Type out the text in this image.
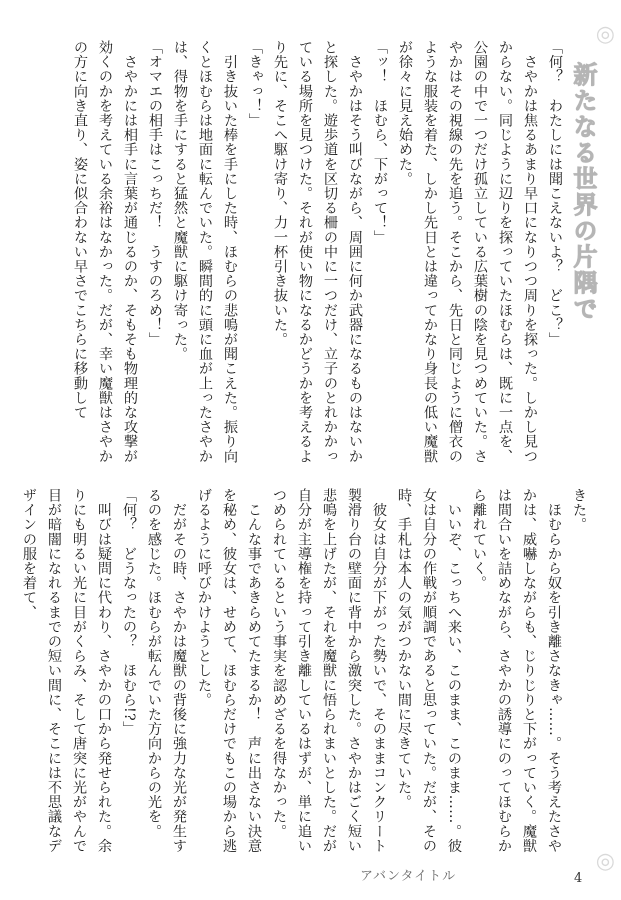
◎
新たなる世界の片隅で

「何？　わたしには聞こえないよ？　どこ？」

　さやかは焦るあまり早口になりつつ周りを探った。しかし見つからない。同じように辺りを探っていたほむらは、既に一点を、公園の中で一つだけ孤立している広葉樹の陰を見つめていた。さやかはその視線の先を追う。そこから、先日と同じように僧衣のような服装を着た、しかし先日とは違ってかなり身長の低い魔獣が徐々に見え始めた。

「ッ！　ほむら、下がって！」

　さやかはそう叫びながら、周囲に何か武器になるものはないかと探した。遊歩道を区切る柵の中に一つだけ、立子のとれかかっている場所を見つけた。それが使い物になるかどうかを考えるより先に、そこへ駆け寄り、力一杯引き抜いた。

「きゃっ！」

　引き抜いた棒を手にした時、ほむらの悲鳴が聞こえた。振り向くとほむらは地面に転んでいた。瞬間的に頭に血が上ったさやかは、得物を手にすると猛然と魔獣に駆け寄った。

「オマエの相手はこっちだ！　うすのろめ！」

　さやかには相手に言葉が通じるのか、そもそも物理的な攻撃が効くのかを考えている余裕はなかった。だが、幸い魔獣はさやかの方に向き直り、姿に似合わない早さでこちらに移動して

きた。

　ほむらから奴を引き離さなきゃ……。そう考えたさやかは、威嚇しながらも、じりじりと下がっていく。魔獣は間合いを詰めながら、さやかの誘導にのってほむらから離れていく。

　いいぞ、こっちへ来い、このまま、このまま……。彼女は自分の作戦が順調であると思っていた。だが、その時、手札は本人の気がつかない間に尽きていた。

　彼女は自分が下がった勢いで、そのままコンクリート製滑り台の壁面に背中から激突した。さやかはごく短い悲鳴を上げたが、それを魔獣に悟られまいとした。だが自分が主導権を持って引き離しているはずが、単に追いつめられているという事実を認めざるを得なかった。

　こんな事であきらめてたまるか！　声に出さない決意を秘め、彼女は、せめて、ほむらだけでもこの場から逃げるように呼びかけようとした。

　だがその時、さやかは魔獣の背後に強力な光が発生するのを感じた。ほむらが転んでいた方向からの光を。

「何？　どうなったの？　ほむら!?」

　叫びは疑問に代わり、さやかの口から発せられた。余りにも明るい光に目がくらみ、そして唐突に光がやんで目が暗闇になれるまでの短い間に、そこには不思議なデザインの服を着て、

アバンタイトル	4
◎
